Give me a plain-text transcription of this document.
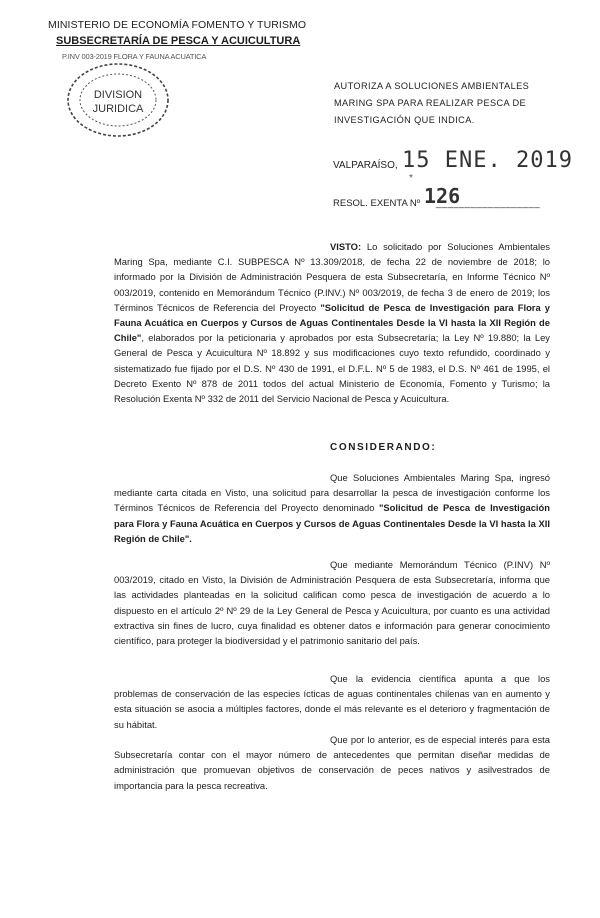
MINISTERIO DE ECONOMÍA FOMENTO Y TURISMO
SUBSECRETARÍA DE PESCA Y ACUICULTURA
P.INV 003-2019 FLORA Y FAUNA ACUATICA
DIVISION
JURIDICA
AUTORIZA A SOLUCIONES AMBIENTALES MARING SPA PARA REALIZAR PESCA DE INVESTIGACIÓN QUE INDICA.
VALPARAÍSO, 15 ENE. 2019
*
RESOL. EXENTA Nº 126
__________________
VISTO: Lo solicitado por Soluciones Ambientales Maring Spa, mediante C.I. SUBPESCA Nº 13.309/2018, de fecha 22 de noviembre de 2018; lo informado por la División de Administración Pesquera de esta Subsecretaría, en Informe Técnico Nº 003/2019, contenido en Memorándum Técnico (P.INV.) Nº 003/2019, de fecha 3 de enero de 2019; los Términos Técnicos de Referencia del Proyecto "Solicitud de Pesca de Investigación para Flora y Fauna Acuática en Cuerpos y Cursos de Aguas Continentales Desde la VI hasta la XII Región de Chile", elaborados por la peticionaria y aprobados por esta Subsecretaría; la Ley Nº 19.880; la Ley General de Pesca y Acuicultura Nº 18.892 y sus modificaciones cuyo texto refundido, coordinado y sistematizado fue fijado por el D.S. Nº 430 de 1991, el D.F.L. Nº 5 de 1983, el D.S. Nº 461 de 1995, el Decreto Exento Nº 878 de 2011 todos del actual Ministerio de Economía, Fomento y Turismo; la Resolución Exenta Nº 332 de 2011 del Servicio Nacional de Pesca y Acuicultura.
CONSIDERANDO:
Que Soluciones Ambientales Maring Spa, ingresó mediante carta citada en Visto, una solicitud para desarrollar la pesca de investigación conforme los Términos Técnicos de Referencia del Proyecto denominado "Solicitud de Pesca de Investigación para Flora y Fauna Acuática en Cuerpos y Cursos de Aguas Continentales Desde la VI hasta la XII Región de Chile".
Que mediante Memorándum Técnico (P.INV) Nº 003/2019, citado en Visto, la División de Administración Pesquera de esta Subsecretaría, informa que las actividades planteadas en la solicitud califican como pesca de investigación de acuerdo a lo dispuesto en el artículo 2º Nº 29 de la Ley General de Pesca y Acuicultura, por cuanto es una actividad extractiva sin fines de lucro, cuya finalidad es obtener datos e información para generar conocimiento científico, para proteger la biodiversidad y el patrimonio sanitario del país.
Que la evidencia científica apunta a que los problemas de conservación de las especies ícticas de aguas continentales chilenas van en aumento y esta situación se asocia a múltiples factores, donde el más relevante es el deterioro y fragmentación de su hábitat.
Que por lo anterior, es de especial interés para esta Subsecretaría contar con el mayor número de antecedentes que permitan diseñar medidas de administración que promuevan objetivos de conservación de peces nativos y asilvestrados de importancia para la pesca recreativa.
